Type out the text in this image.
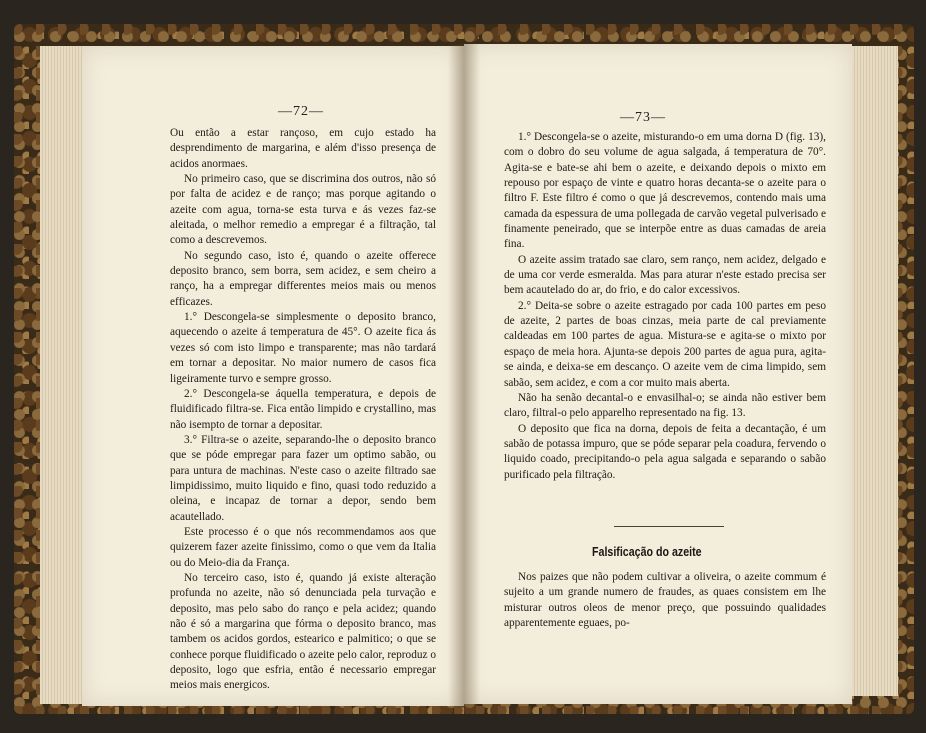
—72—

Ou então a estar rançoso, em cujo estado ha desprendimento de margarina, e além d'isso presença de acidos anormaes.

No primeiro caso, que se discrimina dos outros, não só por falta de acidez e de ranço; mas porque agitando o azeite com agua, torna-se esta turva e ás vezes faz-se aleitada, o melhor remedio a empregar é a filtração, tal como a descrevemos.

No segundo caso, isto é, quando o azeite offerece deposito branco, sem borra, sem acidez, e sem cheiro a ranço, ha a empregar differentes meios mais ou menos efficazes.

1.° Descongela-se simplesmente o deposito branco, aquecendo o azeite á temperatura de 45°. O azeite fica ás vezes só com isto limpo e transparente; mas não tardará em tornar a depositar. No maior numero de casos fica ligeiramente turvo e sempre grosso.

2.° Descongela-se áquella temperatura, e depois de fluidificado filtra-se. Fica então limpido e crystallino, mas não isempto de tornar a depositar.

3.° Filtra-se o azeite, separando-lhe o deposito branco que se póde empregar para fazer um optimo sabão, ou para untura de machinas. N'este caso o azeite filtrado sae limpidissimo, muito liquido e fino, quasi todo reduzido a oleina, e incapaz de tornar a depor, sendo bem acautellado.

Este processo é o que nós recommendamos aos que quizerem fazer azeite finissimo, como o que vem da Italia ou do Meio-dia da França.

No terceiro caso, isto é, quando já existe alteração profunda no azeite, não só denunciada pela turvação e deposito, mas pelo sabo do ranço e pela acidez; quando não é só a margarina que fórma o deposito branco, mas tambem os acidos gordos, estearico e palmitico; o que se conhece porque fluidificado o azeite pelo calor, reproduz o deposito, logo que esfria, então é necessario empregar meios mais energicos.

—73—

1.° Descongela-se o azeite, misturando-o em uma dorna D (fig. 13), com o dobro do seu volume de agua salgada, á temperatura de 70°. Agita-se e bate-se ahi bem o azeite, e deixando depois o mixto em repouso por espaço de vinte e quatro horas decanta-se o azeite para o filtro F. Este filtro é como o que já descrevemos, contendo mais uma camada da espessura de uma pollegada de carvão vegetal pulverisado e finamente peneirado, que se interpõe entre as duas camadas de areia fina.

O azeite assim tratado sae claro, sem ranço, nem acidez, delgado e de uma cor verde esmeralda. Mas para aturar n'este estado precisa ser bem acautelado do ar, do frio, e do calor excessivos.

2.° Deita-se sobre o azeite estragado por cada 100 partes em peso de azeite, 2 partes de boas cinzas, meia parte de cal previamente caldeadas em 100 partes de agua. Mistura-se e agita-se o mixto por espaço de meia hora. Ajunta-se depois 200 partes de agua pura, agita-se ainda, e deixa-se em descanço. O azeite vem de cima limpido, sem sabão, sem acidez, e com a cor muito mais aberta.

Não ha senão decantal-o e envasilhal-o; se ainda não estiver bem claro, filtral-o pelo apparelho representado na fig. 13.

O deposito que fica na dorna, depois de feita a decantação, é um sabão de potassa impuro, que se póde separar pela coadura, fervendo o liquido coado, precipitando-o pela agua salgada e separando o sabão purificado pela filtração.

Falsificação do azeite

Nos paizes que não podem cultivar a oliveira, o azeite commum é sujeito a um grande numero de fraudes, as quaes consistem em lhe misturar outros oleos de menor preço, que possuindo qualidades apparentemente eguaes, po-
